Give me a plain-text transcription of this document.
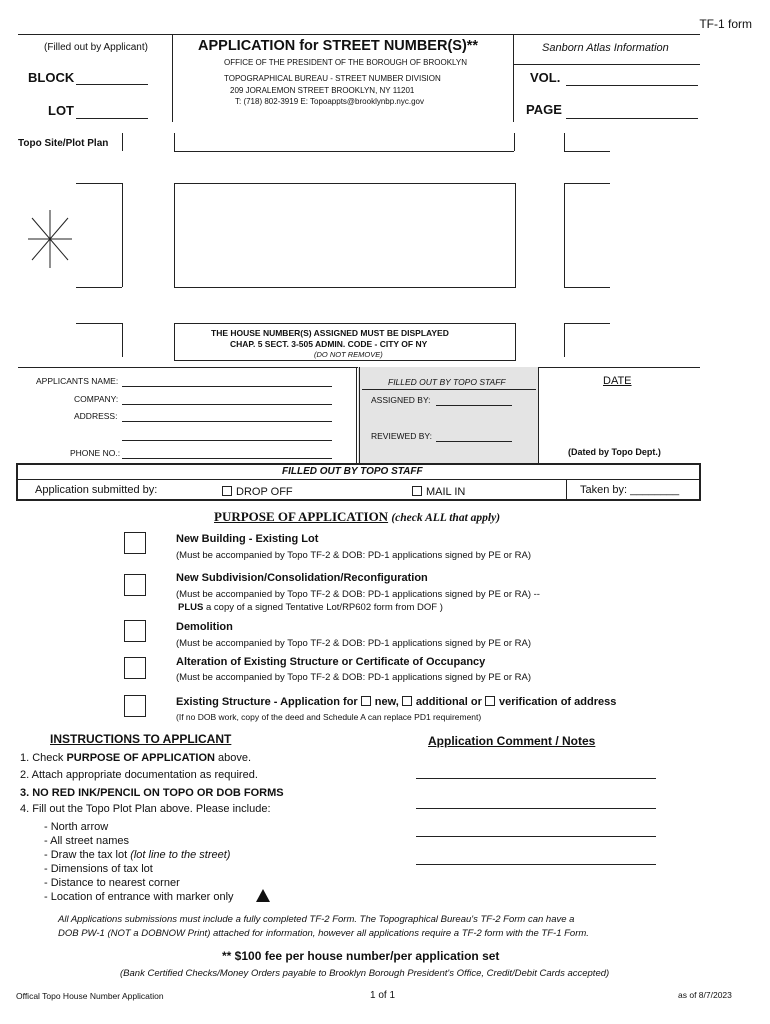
TF-1 form
(Filled out by Applicant)
BLOCK
LOT
APPLICATION for STREET NUMBER(S)**
OFFICE OF THE PRESIDENT OF THE BOROUGH OF BROOKLYN
TOPOGRAPHICAL BUREAU - STREET NUMBER DIVISION
209 JORALEMON STREET BROOKLYN, NY 11201
T: (718) 802-3919 E: Topoappts@brooklynbp.nyc.gov
Sanborn Atlas Information
VOL.
PAGE
Topo Site/Plot Plan
THE HOUSE NUMBER(S) ASSIGNED MUST BE DISPLAYED
CHAP. 5 SECT. 3-505 ADMIN. CODE - CITY OF NY
(DO NOT REMOVE)
APPLICANTS NAME:
COMPANY:
ADDRESS:
PHONE NO.:
FILLED OUT BY TOPO STAFF
ASSIGNED BY:
REVIEWED BY:
DATE
(Dated by Topo Dept.)
FILLED OUT BY TOPO STAFF
Application submitted by:	DROP OFF	MAIL IN	Taken by: ________
PURPOSE OF APPLICATION (check ALL that apply)
New Building - Existing Lot
(Must be accompanied by Topo TF-2 & DOB: PD-1 applications signed by PE or RA)
New Subdivision/Consolidation/Reconfiguration
(Must be accompanied by Topo TF-2 & DOB: PD-1 applications signed by PE or RA) --
PLUS a copy of a signed Tentative Lot/RP602 form from DOF )
Demolition
(Must be accompanied by Topo TF-2 & DOB: PD-1 applications signed by PE or RA)
Alteration of Existing Structure or Certificate of Occupancy
(Must be accompanied by Topo TF-2 & DOB: PD-1 applications signed by PE or RA)
Existing Structure - Application for new, additional or verification of address
(If no DOB work, copy of the deed and Schedule A can replace PD1 requirement)
INSTRUCTIONS TO APPLICANT
1. Check PURPOSE OF APPLICATION above.
2. Attach appropriate documentation as required.
3. NO RED INK/PENCIL ON TOPO OR DOB FORMS
4. Fill out the Topo Plot Plan above. Please include:
- North arrow
- All street names
- Draw the tax lot (lot line to the street)
- Dimensions of tax lot
- Distance to nearest corner
- Location of entrance with marker only
Application Comment / Notes
All Applications submissions must include a fully completed TF-2 Form. The Topographical Bureau's TF-2 Form can have a
DOB PW-1 (NOT a DOBNOW Print) attached for information, however all applications require a TF-2 form with the TF-1 Form.
** $100 fee per house number/per application set
(Bank Certified Checks/Money Orders payable to Brooklyn Borough President's Office, Credit/Debit Cards accepted)
Offical Topo House Number Application	1 of 1	as of 8/7/2023
